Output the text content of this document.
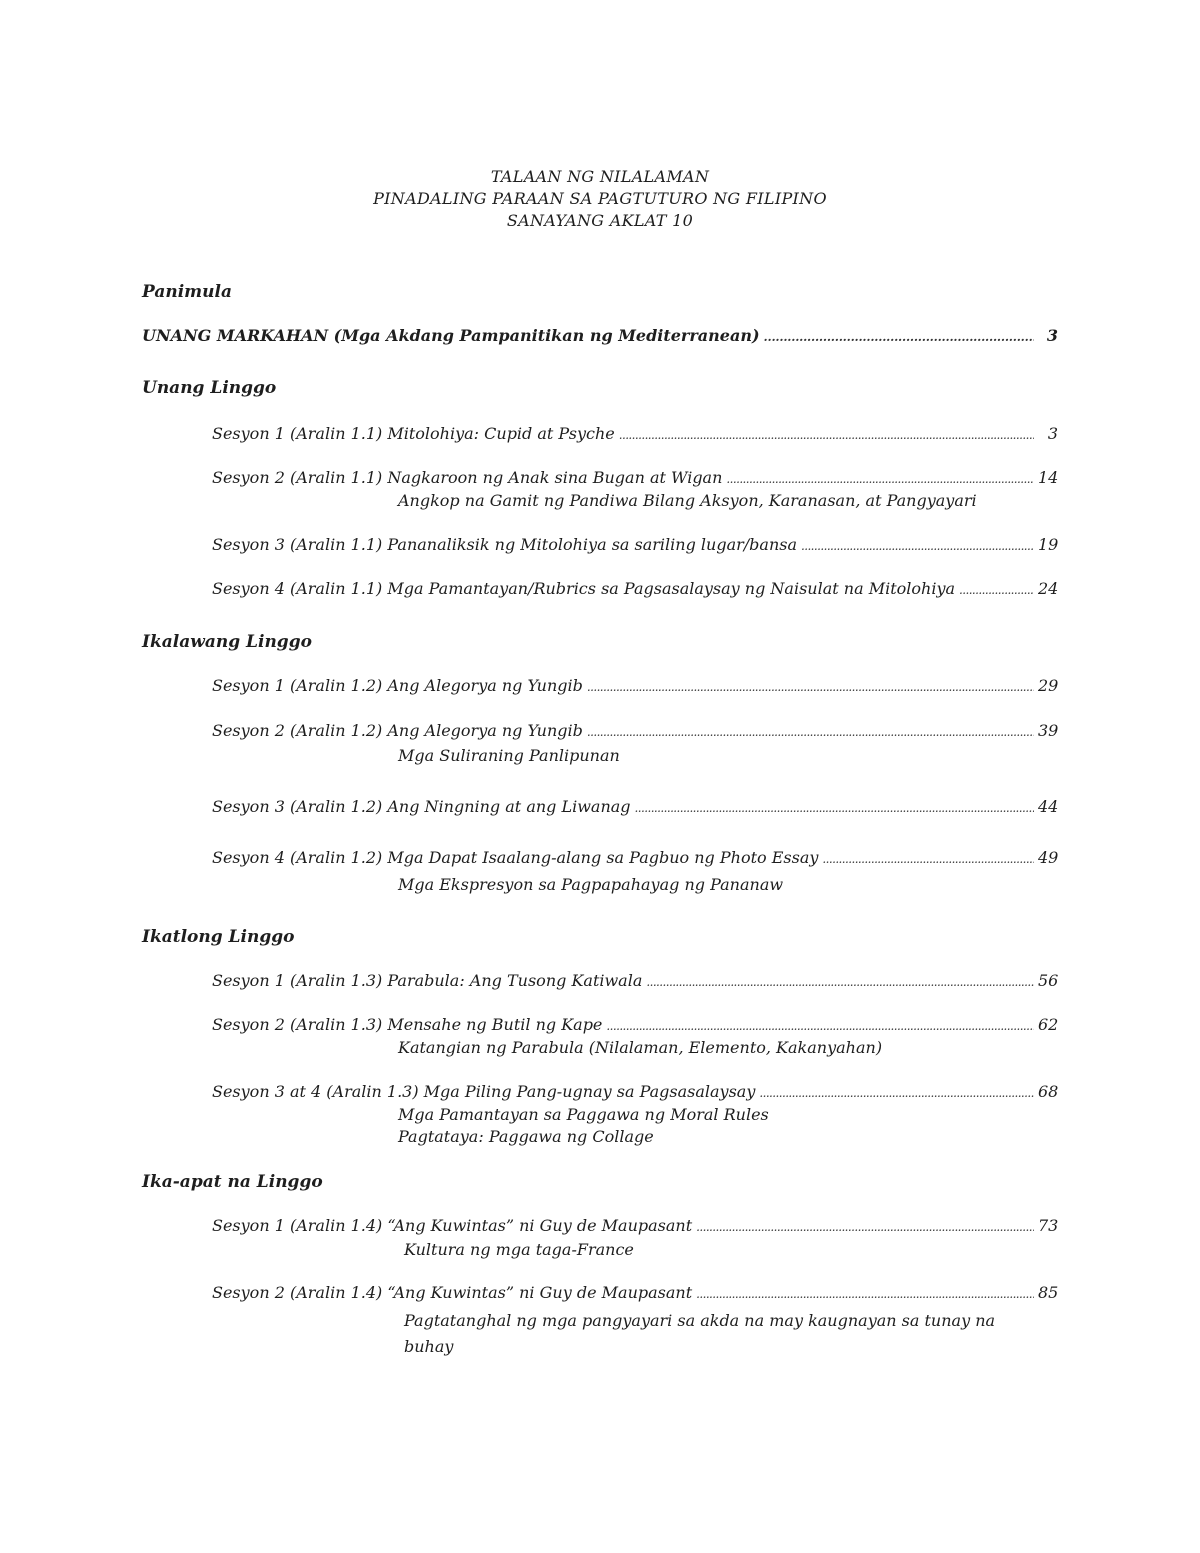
TALAAN NG NILALAMAN
PINADALING PARAAN SA PAGTUTURO NG FILIPINO
SANAYANG AKLAT 10
Panimula
UNANG MARKAHAN (Mga Akdang Pampanitikan ng Mediterranean) . . .	3
Unang Linggo
Sesyon 1 (Aralin 1.1) Mitolohiya: Cupid at Psyche . . .	3
Sesyon 2 (Aralin 1.1) Nagkaroon ng Anak sina Bugan at Wigan . . .	14
Angkop na Gamit ng Pandiwa Bilang Aksyon, Karanasan, at Pangyayari
Sesyon 3 (Aralin 1.1) Pananaliksik ng Mitolohiya sa sariling lugar/bansa . . .	19
Sesyon 4 (Aralin 1.1) Mga Pamantayan/Rubrics sa Pagsasalaysay ng Naisulat na Mitolohiya . . .	24
Ikalawang Linggo
Sesyon 1 (Aralin 1.2) Ang Alegorya ng Yungib . . .	29
Sesyon 2 (Aralin 1.2) Ang Alegorya ng Yungib . . .	39
Mga Suliraning Panlipunan
Sesyon 3 (Aralin 1.2) Ang Ningning at ang Liwanag . . .	44
Sesyon 4 (Aralin 1.2) Mga Dapat Isaalang-alang sa Pagbuo ng Photo Essay . . .	49
Mga Ekspresyon sa Pagpapahayag ng Pananaw
Ikatlong Linggo
Sesyon 1 (Aralin 1.3) Parabula: Ang Tusong Katiwala . . .	56
Sesyon 2 (Aralin 1.3) Mensahe ng Butil ng Kape . . .	62
Katangian ng Parabula (Nilalaman, Elemento, Kakanyahan)
Sesyon 3 at 4 (Aralin 1.3) Mga Piling Pang-ugnay sa Pagsasalaysay . . .	68
Mga Pamantayan sa Paggawa ng Moral Rules
Pagtataya: Paggawa ng Collage
Ika-apat na Linggo
Sesyon 1 (Aralin 1.4) “Ang Kuwintas” ni Guy de Maupasant . . .	73
Kultura ng mga taga-France
Sesyon 2 (Aralin 1.4) “Ang Kuwintas” ni Guy de Maupasant . . .	85
Pagtatanghal ng mga pangyayari sa akda na may kaugnayan sa tunay na buhay
